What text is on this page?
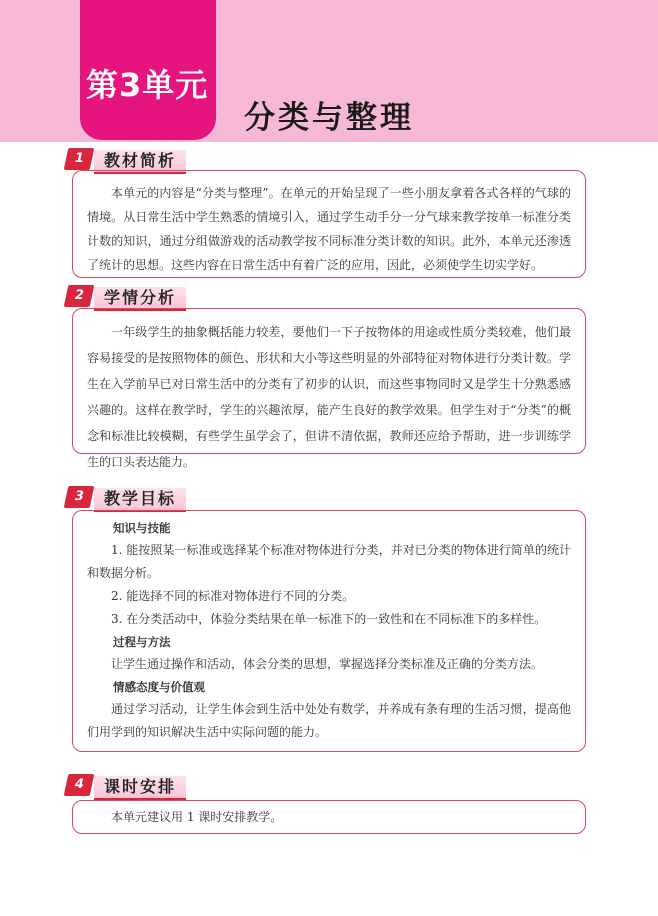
第3单元
分类与整理
1	教材简析

本单元的内容是“分类与整理”。在单元的开始呈现了一些小朋友拿着各式各样的气球的情境。从日常生活中学生熟悉的情境引入，通过学生动手分一分气球来教学按单一标准分类计数的知识，通过分组做游戏的活动教学按不同标准分类计数的知识。此外，本单元还渗透了统计的思想。这些内容在日常生活中有着广泛的应用，因此，必须使学生切实学好。

2	学情分析

一年级学生的抽象概括能力较差，要他们一下子按物体的用途或性质分类较难，他们最容易接受的是按照物体的颜色、形状和大小等这些明显的外部特征对物体进行分类计数。学生在入学前早已对日常生活中的分类有了初步的认识，而这些事物同时又是学生十分熟悉感兴趣的。这样在教学时，学生的兴趣浓厚，能产生良好的教学效果。但学生对于“分类”的概念和标准比较模糊，有些学生虽学会了，但讲不清依据，教师还应给予帮助，进一步训练学生的口头表达能力。

3	教学目标

知识与技能

1. 能按照某一标准或选择某个标准对物体进行分类，并对已分类的物体进行简单的统计和数据分析。

2. 能选择不同的标准对物体进行不同的分类。

3. 在分类活动中，体验分类结果在单一标准下的一致性和在不同标准下的多样性。

过程与方法

让学生通过操作和活动，体会分类的思想，掌握选择分类标准及正确的分类方法。

情感态度与价值观

通过学习活动，让学生体会到生活中处处有数学，并养成有条有理的生活习惯，提高他们用学到的知识解决生活中实际问题的能力。

4	课时安排

本单元建议用 1 课时安排教学。
